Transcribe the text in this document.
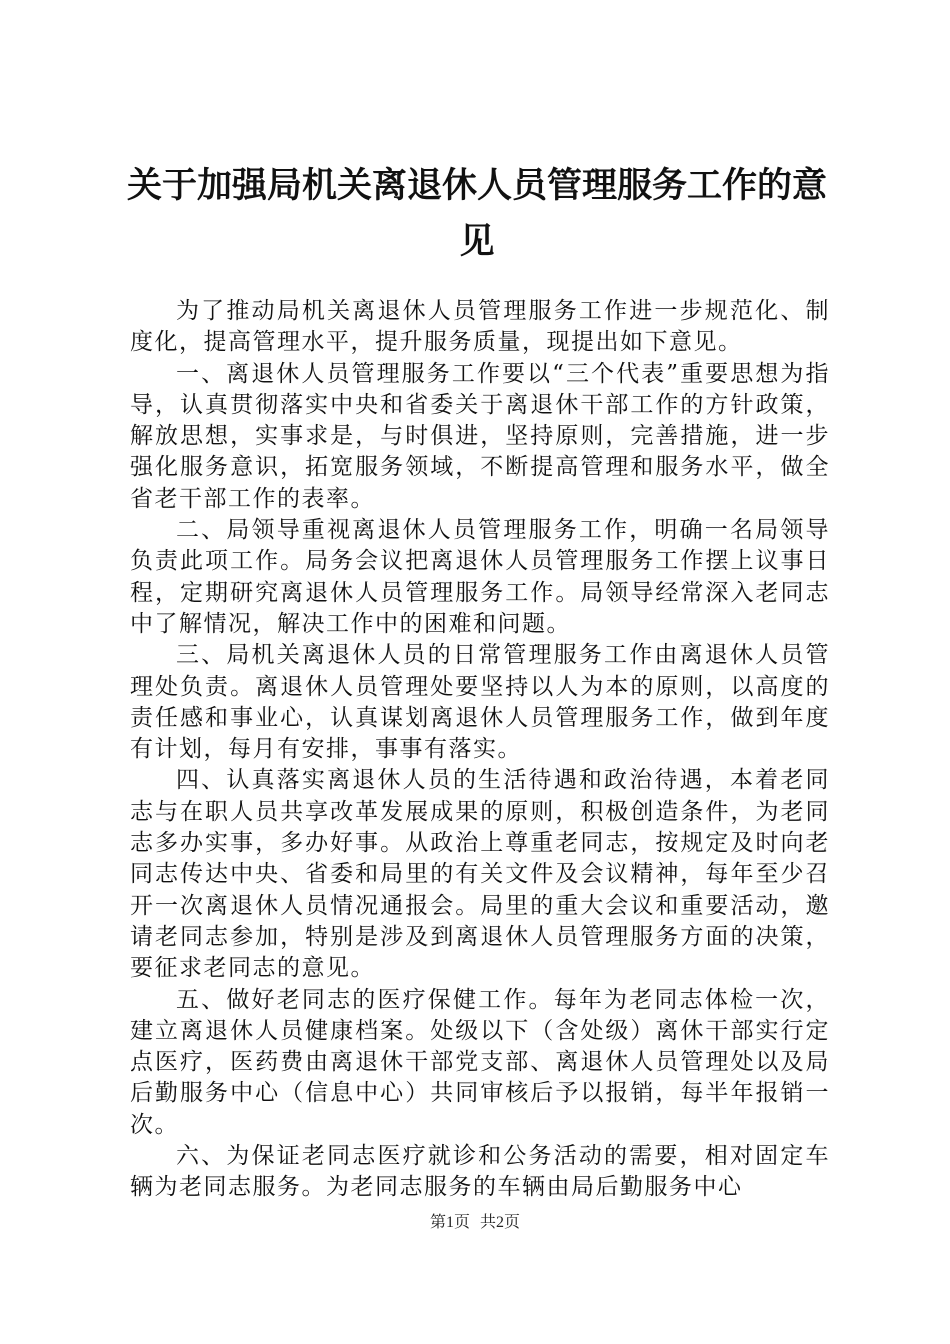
关于加强局机关离退休人员管理服务工作的意见

为了推动局机关离退休人员管理服务工作进一步规范化、制度化，提高管理水平，提升服务质量，现提出如下意见。

一、离退休人员管理服务工作要以“三个代表”重要思想为指导，认真贯彻落实中央和省委关于离退休干部工作的方针政策，解放思想，实事求是，与时俱进，坚持原则，完善措施，进一步强化服务意识，拓宽服务领域，不断提高管理和服务水平，做全省老干部工作的表率。

二、局领导重视离退休人员管理服务工作，明确一名局领导负责此项工作。局务会议把离退休人员管理服务工作摆上议事日程，定期研究离退休人员管理服务工作。局领导经常深入老同志中了解情况，解决工作中的困难和问题。

三、局机关离退休人员的日常管理服务工作由离退休人员管理处负责。离退休人员管理处要坚持以人为本的原则，以高度的责任感和事业心，认真谋划离退休人员管理服务工作，做到年度有计划，每月有安排，事事有落实。

四、认真落实离退休人员的生活待遇和政治待遇，本着老同志与在职人员共享改革发展成果的原则，积极创造条件，为老同志多办实事，多办好事。从政治上尊重老同志，按规定及时向老同志传达中央、省委和局里的有关文件及会议精神，每年至少召开一次离退休人员情况通报会。局里的重大会议和重要活动，邀请老同志参加，特别是涉及到离退休人员管理服务方面的决策，要征求老同志的意见。

五、做好老同志的医疗保健工作。每年为老同志体检一次，建立离退休人员健康档案。处级以下（含处级）离休干部实行定点医疗，医药费由离退休干部党支部、离退休人员管理处以及局后勤服务中心（信息中心）共同审核后予以报销，每半年报销一次。

六、为保证老同志医疗就诊和公务活动的需要，相对固定车辆为老同志服务。为老同志服务的车辆由局后勤服务中心

第1页 共2页
